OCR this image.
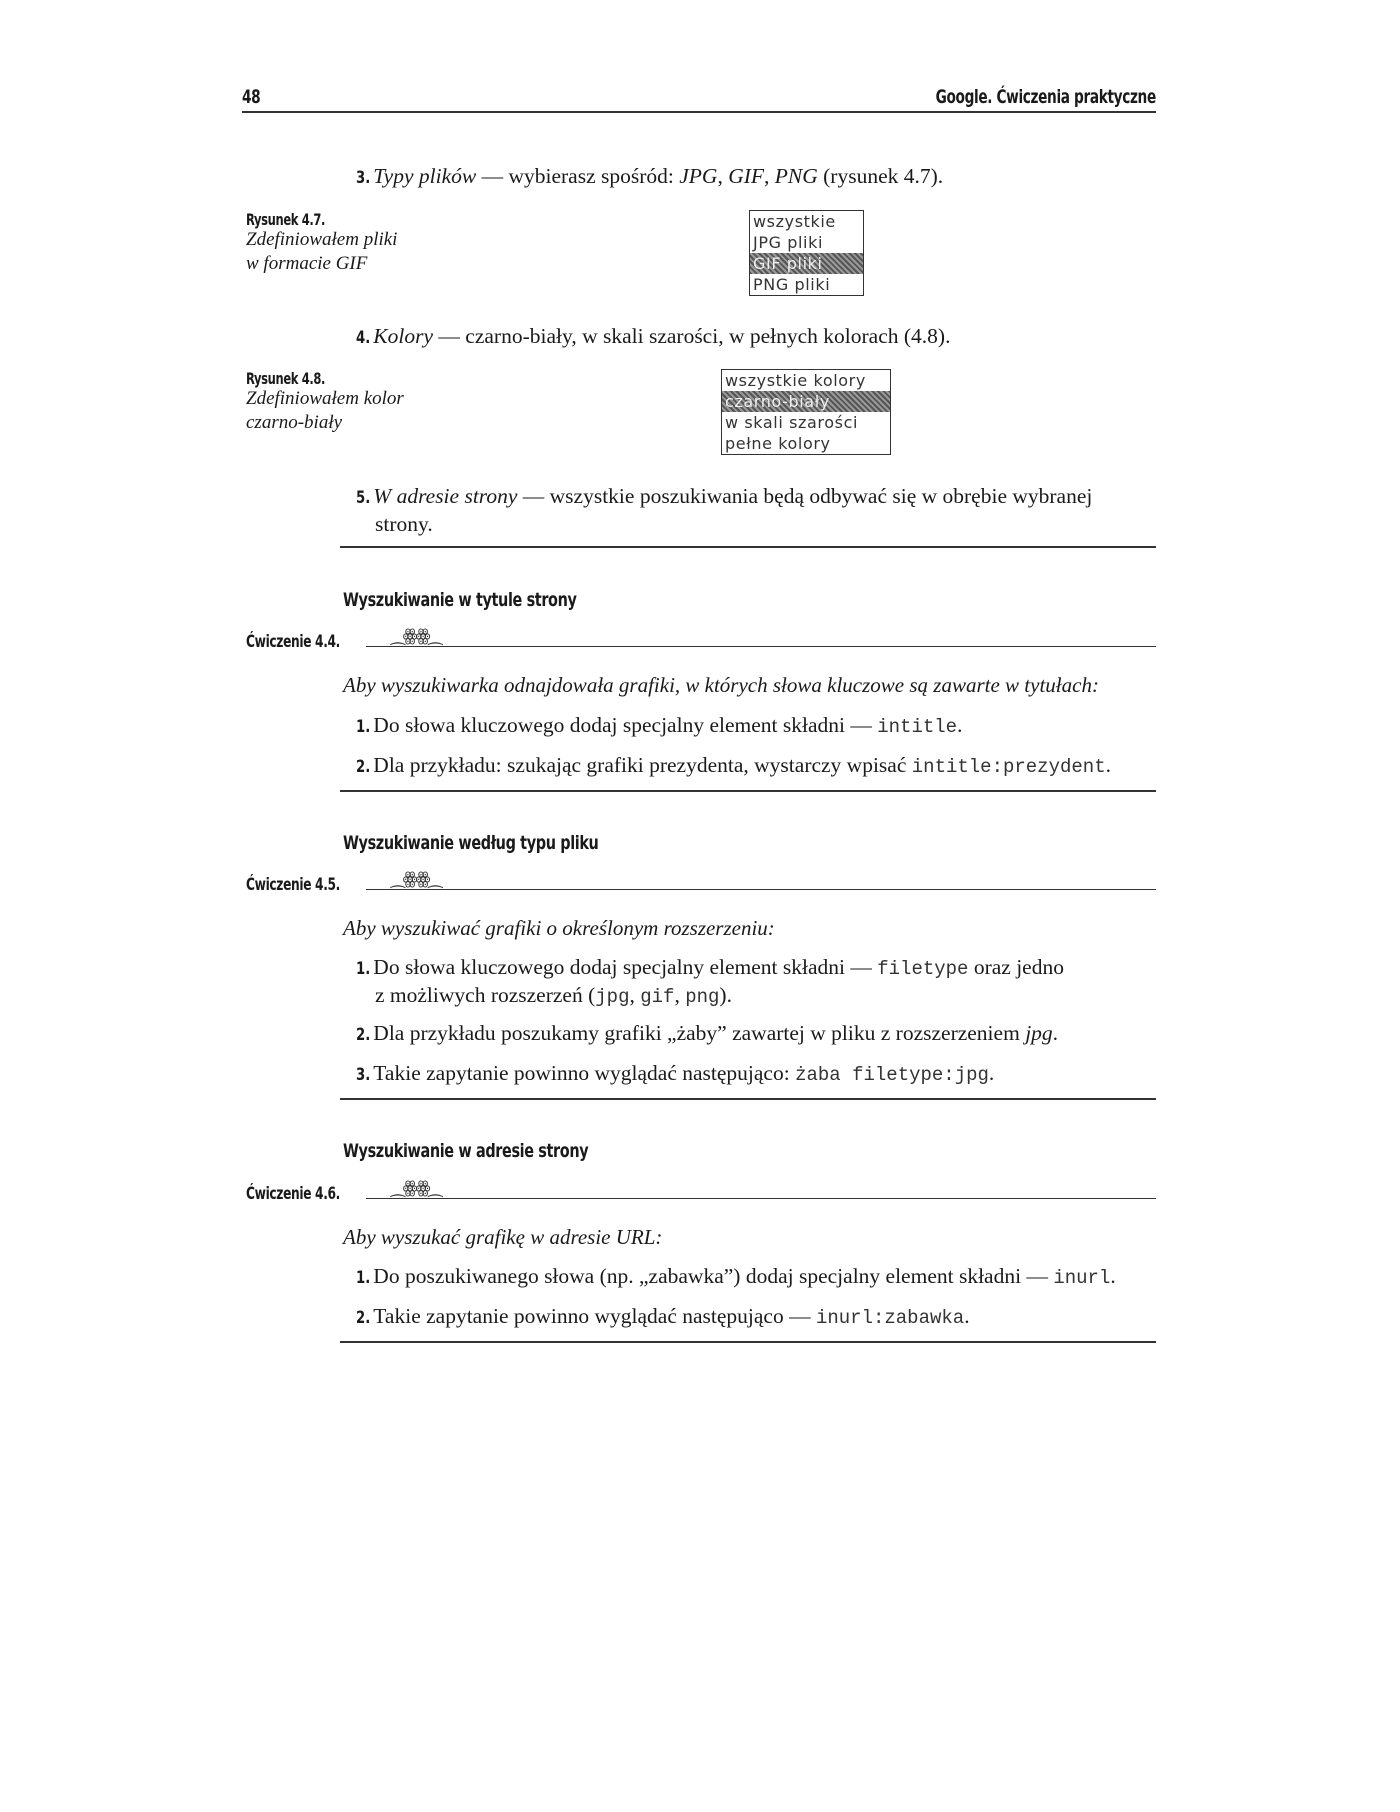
48	Google. Ćwiczenia praktyczne
3. Typy plików — wybierasz spośród: JPG, GIF, PNG (rysunek 4.7).
Rysunek 4.7.
Zdefiniowałem pliki
w formacie GIF
wszystkie
JPG pliki
GIF pliki
PNG pliki
4. Kolory — czarno-biały, w skali szarości, w pełnych kolorach (4.8).
Rysunek 4.8.
Zdefiniowałem kolor
czarno-biały
wszystkie kolory
czarno-biały
w skali szarości
pełne kolory
5. W adresie strony — wszystkie poszukiwania będą odbywać się w obrębie wybranej
strony.
Wyszukiwanie w tytule strony
Ćwiczenie 4.4.	⁔ꙮꙮ⁔
Aby wyszukiwarka odnajdowała grafiki, w których słowa kluczowe są zawarte w tytułach:
1. Do słowa kluczowego dodaj specjalny element składni — intitle.
2. Dla przykładu: szukając grafiki prezydenta, wystarczy wpisać intitle:prezydent.
Wyszukiwanie według typu pliku
Ćwiczenie 4.5.	⁔ꙮꙮ⁔
Aby wyszukiwać grafiki o określonym rozszerzeniu:
1. Do słowa kluczowego dodaj specjalny element składni — filetype oraz jedno
z możliwych rozszerzeń (jpg, gif, png).
2. Dla przykładu poszukamy grafiki „żaby” zawartej w pliku z rozszerzeniem jpg.
3. Takie zapytanie powinno wyglądać następująco: żaba filetype:jpg.
Wyszukiwanie w adresie strony
Ćwiczenie 4.6.	⁔ꙮꙮ⁔
Aby wyszukać grafikę w adresie URL:
1. Do poszukiwanego słowa (np. „zabawka”) dodaj specjalny element składni — inurl.
2. Takie zapytanie powinno wyglądać następująco — inurl:zabawka.
